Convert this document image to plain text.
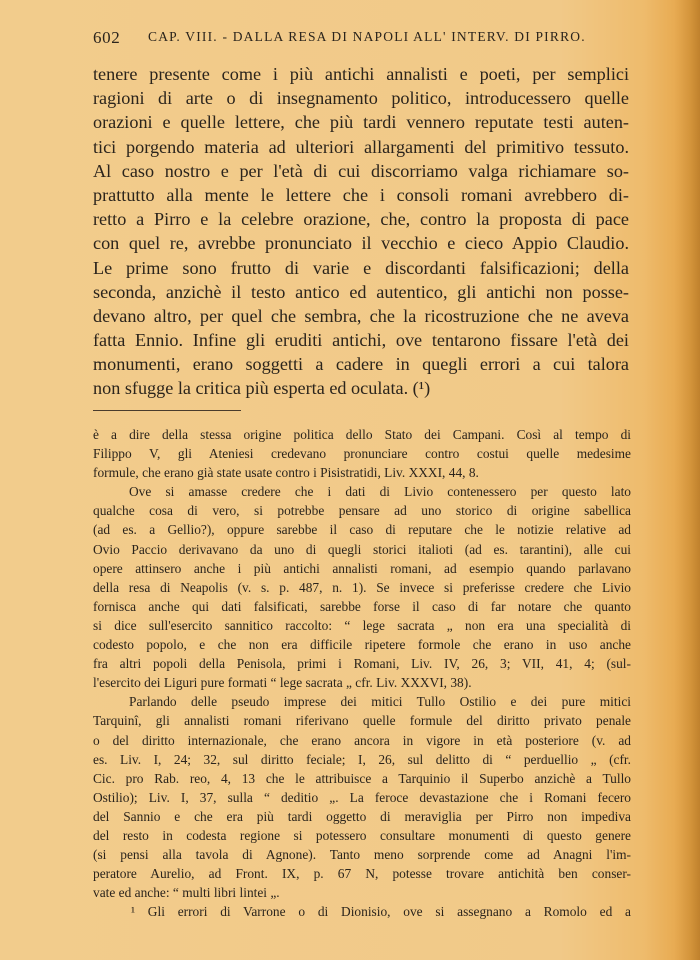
602 CAP. VIII. - DALLA RESA DI NAPOLI ALL' INTERV. DI PIRRO.
tenere presente come i più antichi annalisti e poeti, per semplici
ragioni di arte o di insegnamento politico, introducessero quelle
orazioni e quelle lettere, che più tardi vennero reputate testi auten-
tici porgendo materia ad ulteriori allargamenti del primitivo tessuto.
Al caso nostro e per l'età di cui discorriamo valga richiamare so-
prattutto alla mente le lettere che i consoli romani avrebbero di-
retto a Pirro e la celebre orazione, che, contro la proposta di pace
con quel re, avrebbe pronunciato il vecchio e cieco Appio Claudio.
Le prime sono frutto di varie e discordanti falsificazioni; della
seconda, anzichè il testo antico ed autentico, gli antichi non posse-
devano altro, per quel che sembra, che la ricostruzione che ne aveva
fatta Ennio. Infine gli eruditi antichi, ove tentarono fissare l'età dei
monumenti, erano soggetti a cadere in quegli errori a cui talora
non sfugge la critica più esperta ed oculata. (¹)
è a dire della stessa origine politica dello Stato dei Campani. Così al tempo di
Filippo V, gli Ateniesi credevano pronunciare contro costui quelle medesime
formule, che erano già state usate contro i Pisistratidi, Liv. XXXI, 44, 8.
Ove si amasse credere che i dati di Livio contenessero per questo lato
qualche cosa di vero, si potrebbe pensare ad uno storico di origine sabellica
(ad es. a Gellio?), oppure sarebbe il caso di reputare che le notizie relative ad
Ovio Paccio derivavano da uno di quegli storici italioti (ad es. tarantini), alle cui
opere attinsero anche i più antichi annalisti romani, ad esempio quando parlavano
della resa di Neapolis (v. s. p. 487, n. 1). Se invece si preferisse credere che Livio
fornisca anche qui dati falsificati, sarebbe forse il caso di far notare che quanto
si dice sull'esercito sannitico raccolto: “ lege sacrata „ non era una specialità di
codesto popolo, e che non era difficile ripetere formole che erano in uso anche
fra altri popoli della Penisola, primi i Romani, Liv. IV, 26, 3; VII, 41, 4; (sul-
l'esercito dei Liguri pure formati “ lege sacrata „ cfr. Liv. XXXVI, 38).
Parlando delle pseudo imprese dei mitici Tullo Ostilio e dei pure mitici
Tarquinî, gli annalisti romani riferivano quelle formule del diritto privato penale
o del diritto internazionale, che erano ancora in vigore in età posteriore (v. ad
es. Liv. I, 24; 32, sul diritto feciale; I, 26, sul delitto di “ perduellio „ (cfr.
Cic. pro Rab. reo, 4, 13 che le attribuisce a Tarquinio il Superbo anzichè a Tullo
Ostilio); Liv. I, 37, sulla “ deditio „. La feroce devastazione che i Romani fecero
del Sannio e che era più tardi oggetto di meraviglia per Pirro non impediva
del resto in codesta regione si potessero consultare monumenti di questo genere
(si pensi alla tavola di Agnone). Tanto meno sorprende come ad Anagni l'im-
peratore Aurelio, ad Front. IX, p. 67 N, potesse trovare antichità ben conser-
vate ed anche: “ multi libri lintei „.
¹ Gli errori di Varrone o di Dionisio, ove si assegnano a Romolo ed a
